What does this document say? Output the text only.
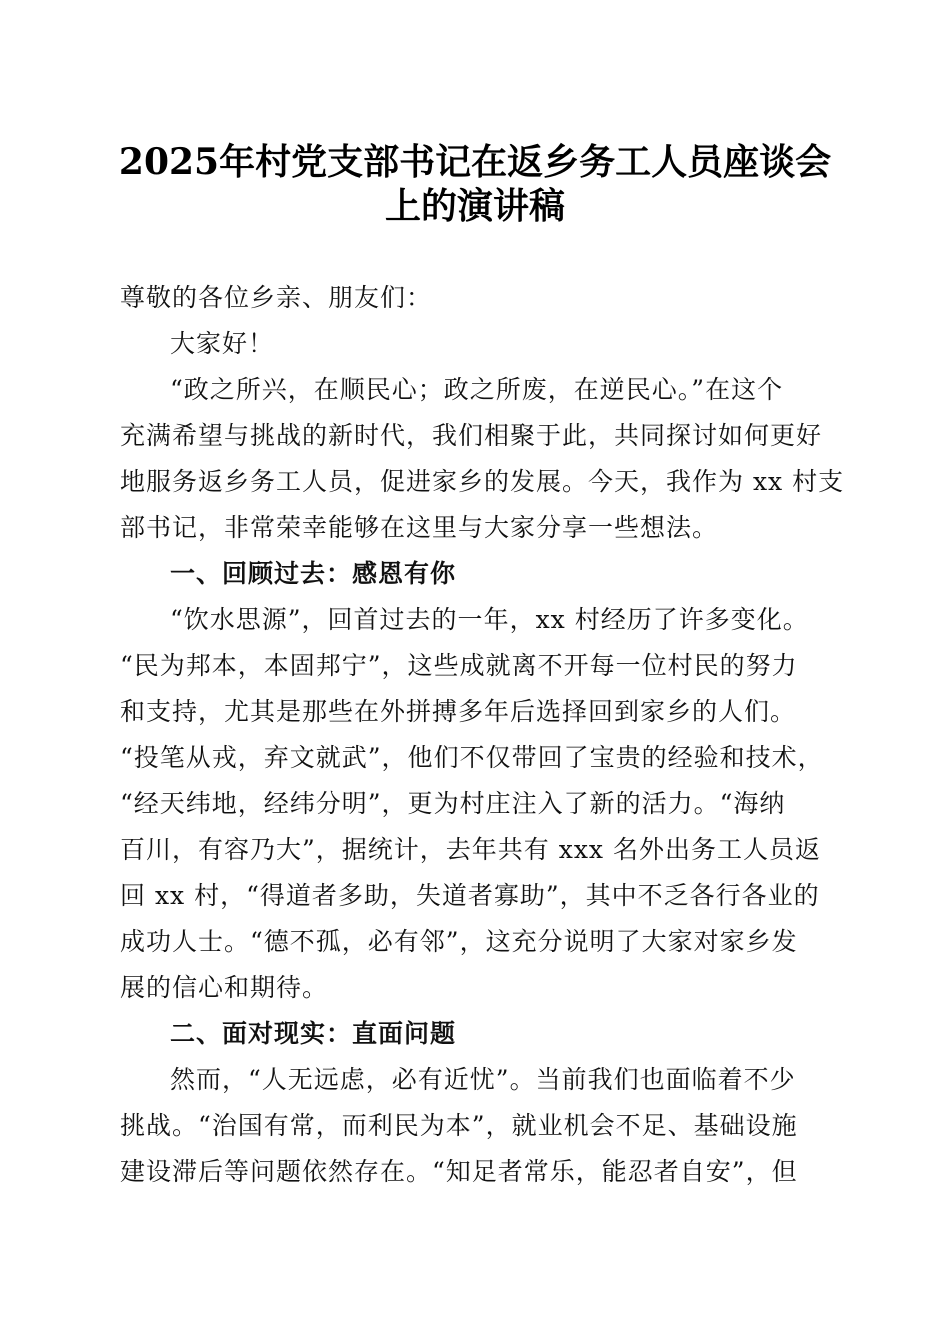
2025年村党支部书记在返乡务工人员座谈会
上的演讲稿

尊敬的各位乡亲、朋友们：

大家好！

“政之所兴，在顺民心；政之所废，在逆民心。”在这个

充满希望与挑战的新时代，我们相聚于此，共同探讨如何更好

地服务返乡务工人员，促进家乡的发展。今天，我作为 xx 村支

部书记，非常荣幸能够在这里与大家分享一些想法。

一、回顾过去：感恩有你

“饮水思源”，回首过去的一年，xx 村经历了许多变化。

“民为邦本，本固邦宁”，这些成就离不开每一位村民的努力

和支持，尤其是那些在外拼搏多年后选择回到家乡的人们。

“投笔从戎，弃文就武”，他们不仅带回了宝贵的经验和技术，

“经天纬地，经纬分明”，更为村庄注入了新的活力。“海纳

百川，有容乃大”，据统计，去年共有 xxx 名外出务工人员返

回 xx 村，“得道者多助，失道者寡助”，其中不乏各行各业的

成功人士。“德不孤，必有邻”，这充分说明了大家对家乡发

展的信心和期待。

二、面对现实：直面问题

然而，“人无远虑，必有近忧”。当前我们也面临着不少

挑战。“治国有常，而利民为本”，就业机会不足、基础设施

建设滞后等问题依然存在。“知足者常乐，能忍者自安”，但
